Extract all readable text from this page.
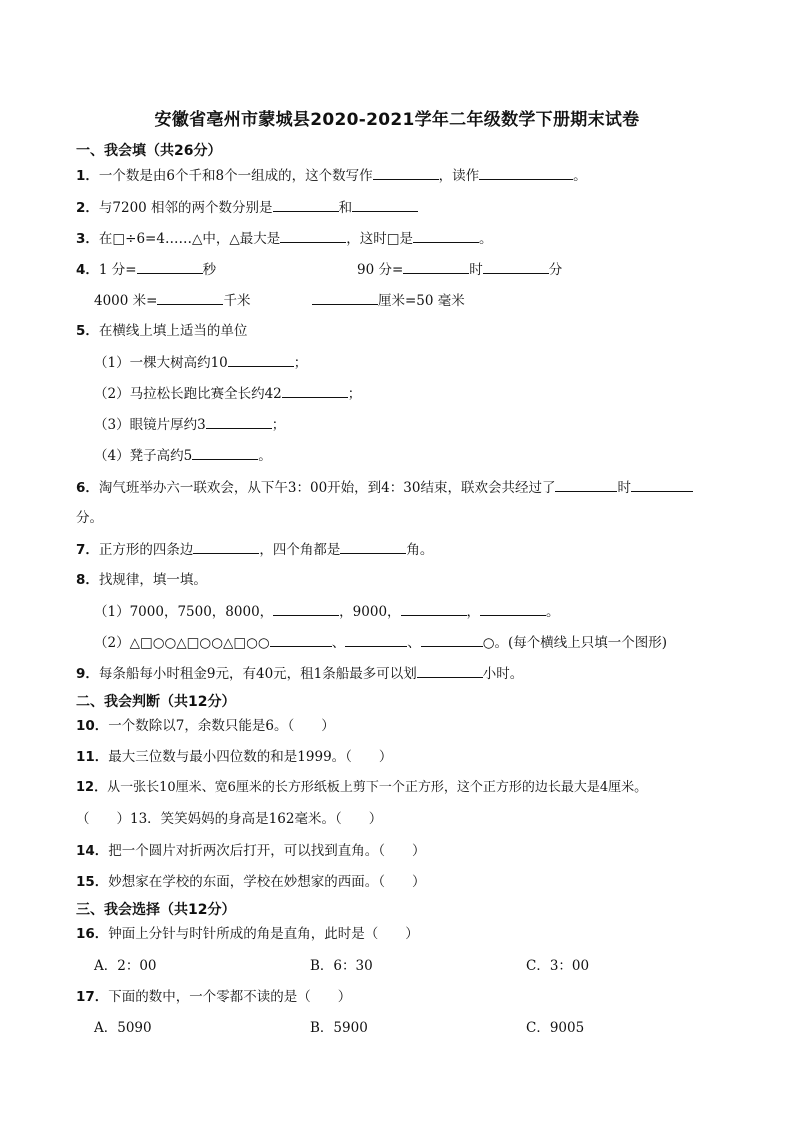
安徽省亳州市蒙城县2020-2021学年二年级数学下册期末试卷
一、我会填（共26分）
1．一个数是由6个千和8个一组成的，这个数写作	，读作	。
2．与7200 相邻的两个数分别是	和
3．在□÷6=4……△中，△最大是	，这时□是	。
4．1 分=	秒	90 分=	时	分
4000 米=	千米	厘米=50 毫米
5．在横线上填上适当的单位
（1）一棵大树高约10	；
（2）马拉松长跑比赛全长约42	；
（3）眼镜片厚约3	；
（4）凳子高约5	。
6．淘气班举办六一联欢会，从下午3：00开始，到4：30结束，联欢会共经过了	时
分。
7．正方形的四条边	，四个角都是	角。
8．找规律，填一填。
（1）7000，7500，8000，	，9000，	，	。
（2）△□○○△□○○△□○○	、	、	○。(每个横线上只填一个图形)
9．每条船每小时租金9元，有40元，租1条船最多可以划	小时。
二、我会判断（共12分）
10．一个数除以7，余数只能是6。（　　）
11．最大三位数与最小四位数的和是1999。（　　）
12．从一张长10厘米、宽6厘米的长方形纸板上剪下一个正方形，这个正方形的边长最大是4厘米。
（　　）13．笑笑妈妈的身高是162毫米。（　　）
14．把一个圆片对折两次后打开，可以找到直角。（　　）
15．妙想家在学校的东面，学校在妙想家的西面。（　　）
三、我会选择（共12分）
16．钟面上分针与时针所成的角是直角，此时是（　　）
A．2：00	B．6：30	C．3：00
17．下面的数中，一个零都不读的是（　　）
A．5090	B．5900	C．9005
